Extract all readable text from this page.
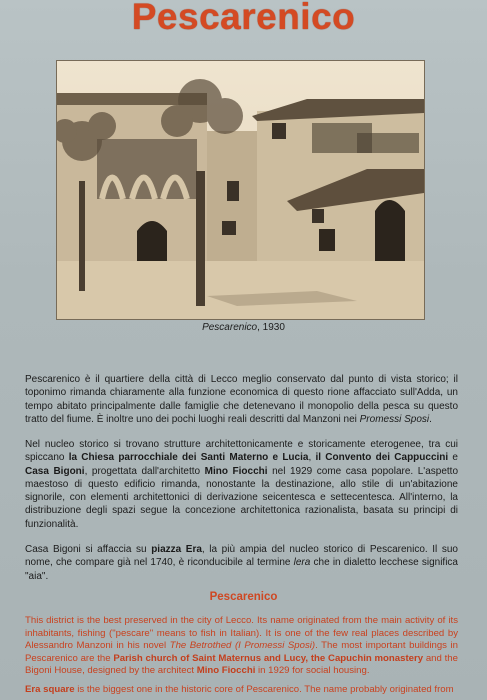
Pescarenico
Pescarenico, 1930
Pescarenico è il quartiere della città di Lecco meglio conservato dal punto di vista storico; il toponimo rimanda chiaramente alla funzione economica di questo rione affacciato sull'Adda, un tempo abitato principalmente dalle famiglie che detenevano il monopolio della pesca su questo tratto del fiume. È inoltre uno dei pochi luoghi reali descritti dal Manzoni nei Promessi Sposi.
Nel nucleo storico si trovano strutture architettonicamente e storicamente eterogenee, tra cui spiccano la Chiesa parrocchiale dei Santi Materno e Lucia, il Convento dei Cappuccini e Casa Bigoni, progettata dall'architetto Mino Fiocchi nel 1929 come casa popolare. L'aspetto maestoso di questo edificio rimanda, nonostante la destinazione, allo stile di un'abitazione signorile, con elementi architettonici di derivazione seicentesca e settecentesca. All'interno, la distribuzione degli spazi segue la concezione architettonica razionalista, basata su principi di funzionalità.
Casa Bigoni si affaccia su piazza Era, la più ampia del nucleo storico di Pescarenico. Il suo nome, che compare già nel 1740, è riconducibile al termine lera che in dialetto lecchese significa "aia".
Pescarenico
This district is the best preserved in the city of Lecco. Its name originated from the main activity of its inhabitants, fishing ("pescare" means to fish in Italian). It is one of the few real places described by Alessandro Manzoni in his novel The Betrothed (I Promessi Sposi). The most important buildings in Pescarenico are the Parish church of Saint Maternus and Lucy, the Capuchin monastery and the Bigoni House, designed by the architect Mino Fiocchi in 1929 for social housing.
Era square is the biggest one in the historic core of Pescarenico. The name probably originated from
